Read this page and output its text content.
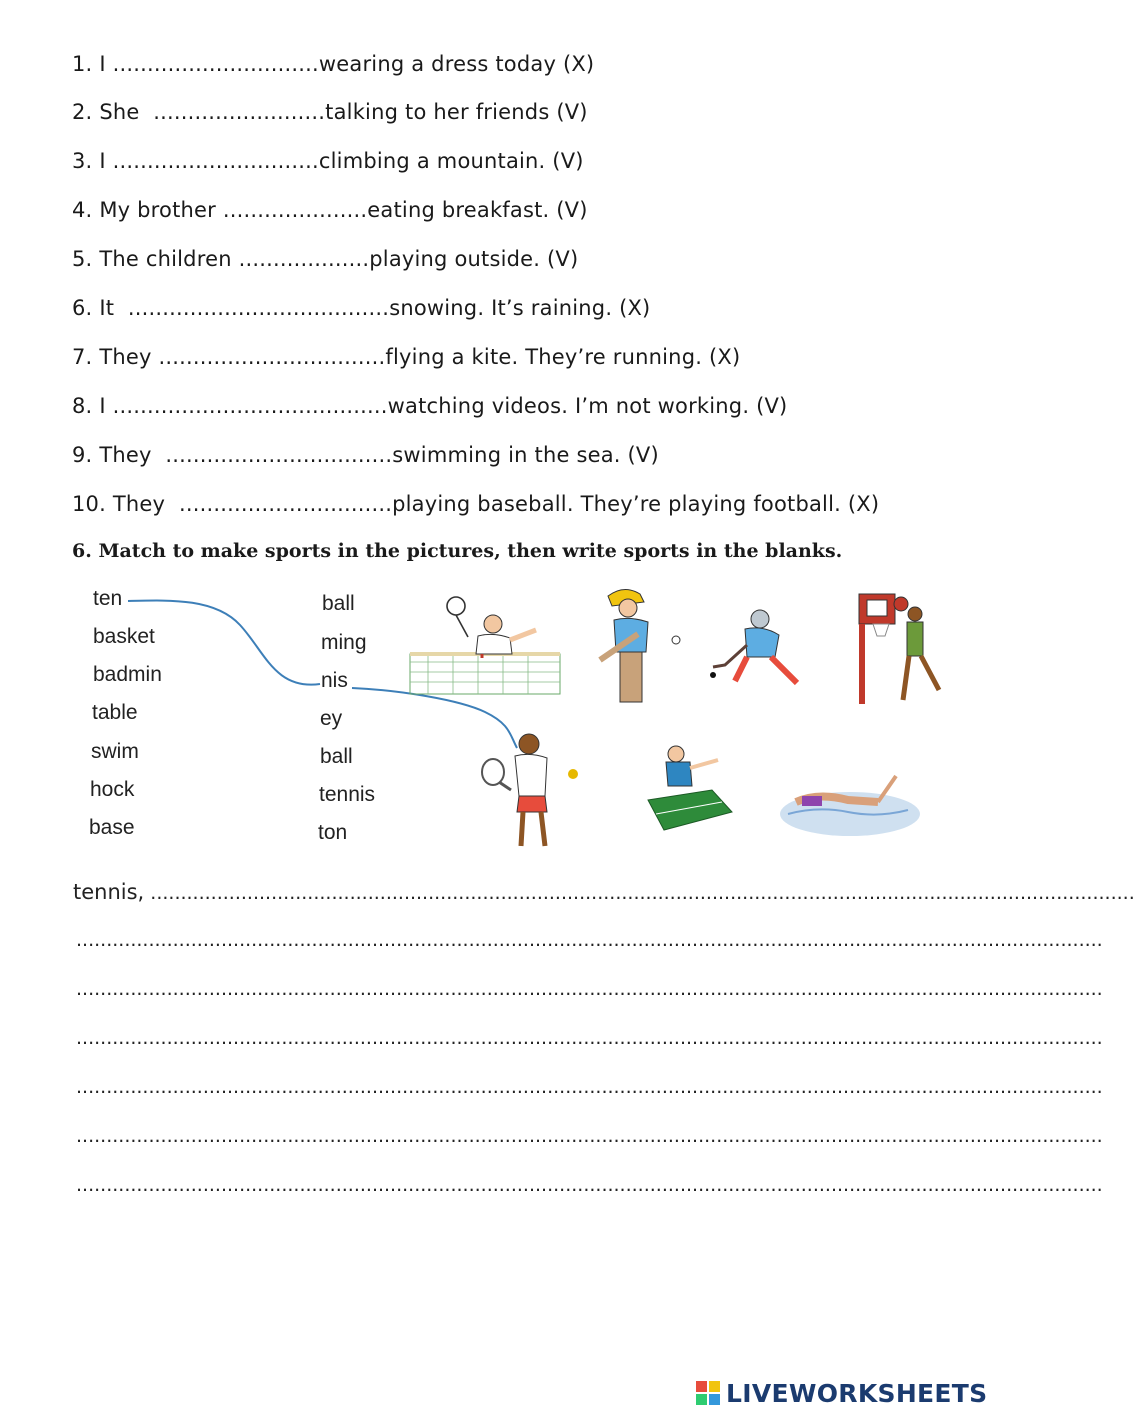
1. I ..............................wearing a dress today (X)
2. She .........................talking to her friends (V)
3. I ..............................climbing a mountain. (V)
4. My brother .....................eating breakfast. (V)
5. The children ...................playing outside. (V)
6. It ......................................snowing. It’s raining. (X)
7. They .................................flying a kite. They’re running. (X)
8. I ........................................watching videos. I’m not working. (V)
9. They .................................swimming in the sea. (V)
10. They ...............................playing baseball. They’re playing football. (X)
6. Match to make sports in the pictures, then write sports in the blanks.
ten
basket
badmin
table
swim
hock
base
ball
ming
nis
ey
ball
tennis
ton
tennis, ...................................................................................................................................................................
..........................................................................................................................................................................
..........................................................................................................................................................................
..........................................................................................................................................................................
..........................................................................................................................................................................
..........................................................................................................................................................................
..........................................................................................................................................................................
LIVEWORKSHEETS
